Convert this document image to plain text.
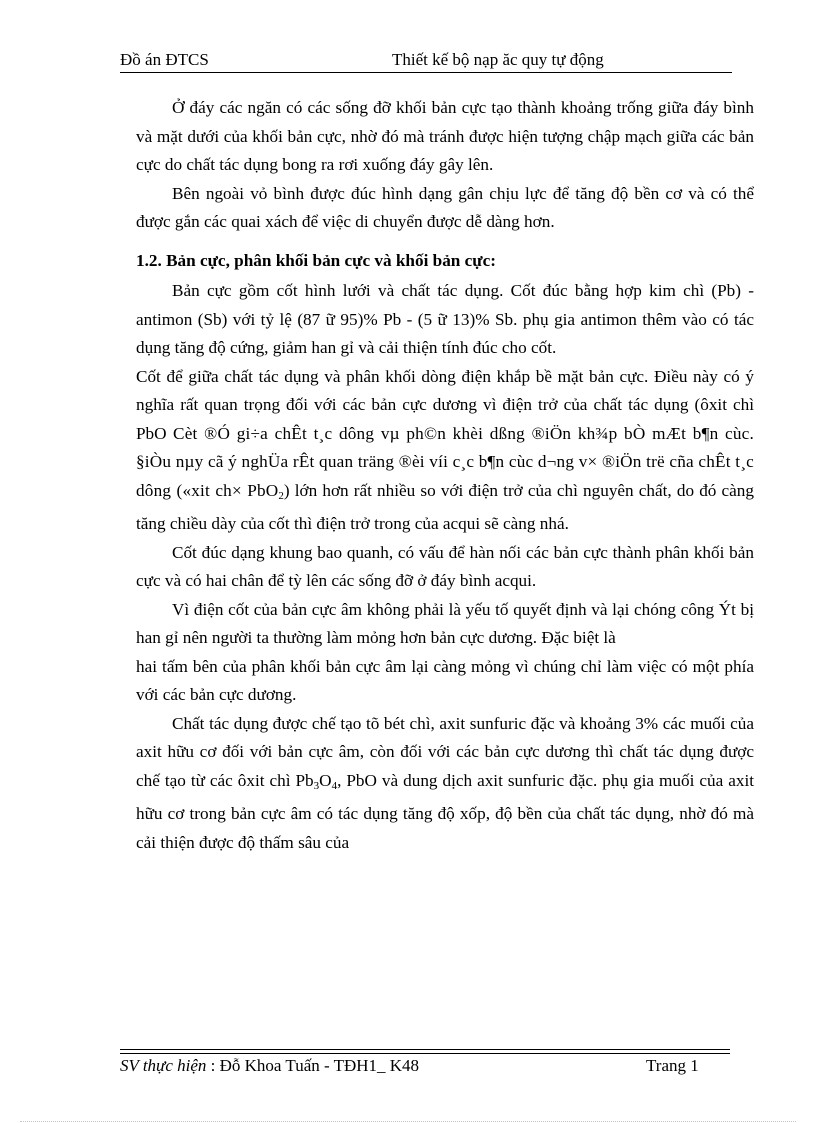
Đồ án ĐTCS	Thiết kế bộ nạp ăc quy tự động

Ở đáy các ngăn có các sống đỡ khối bản cực tạo thành khoảng trống giữa đáy bình và mặt dưới của khối bản cực, nhờ đó mà tránh được hiện tượng chập mạch giữa các bản cực do chất tác dụng bong ra rơi xuống đáy gây lên.

Bên ngoài vỏ bình được đúc hình dạng gân chịu lực để tăng độ bền cơ và có thể được gắn các quai xách để việc di chuyển được dễ dàng hơn.

1.2. Bản cực, phân khối bản cực và khối bản cực:

Bản cực gồm cốt hình lưới và chất tác dụng. Cốt đúc bằng hợp kim chì (Pb) - antimon (Sb) với tỷ lệ (87 ữ 95)% Pb - (5 ữ 13)% Sb. phụ gia antimon thêm vào có tác dụng tăng độ cứng, giảm han gỉ và cải thiện tính đúc cho cốt.

Cốt để giữa chất tác dụng và phân khối dòng điện khắp bề mặt bản cực. Điều này có ý nghĩa rất quan trọng đối với các bản cực dương vì điện trở của chất tác dụng (ôxit chì PbO Cèt ®Ó gi÷a chÊt t¸c dông vµ ph©n khèi dßng ®iÖn kh¾p bÒ mÆt b¶n cùc. §iÒu nµy cã ý nghÜa rÊt quan träng ®èi víi c¸c b¶n cùc d¬ng v× ®iÖn trë cña chÊt t¸c dông («xit ch× PbO$_2$) lớn hơn rất nhiều so với điện trở của chì nguyên chất, do đó càng tăng chiều dày của cốt thì điện trở trong của acqui sẽ càng nhá.

Cốt đúc dạng khung bao quanh, có vấu để hàn nối các bản cực thành phân khối bản cực và có hai chân để tỳ lên các sống đỡ ở đáy bình acqui.

Vì điện cốt của bản cực âm không phải là yếu tố quyết định và lại chóng công Ýt bị han gỉ nên người ta thường làm mỏng hơn bản cực dương. Đặc biệt là

hai tấm bên của phân khối bản cực âm lại càng mỏng vì chúng chỉ làm việc có một phía với các bản cực dương.

Chất tác dụng được chế tạo tõ bét chì, axit sunfuric đặc và khoảng 3% các muối của axit hữu cơ đối với bản cực âm, còn đối với các bản cực dương thì chất tác dụng được chế tạo từ các ôxit chì $Pb_3O_4$, PbO và dung dịch axit sunfuric đặc. phụ gia muối của axit hữu cơ trong bản cực âm có tác dụng tăng độ xốp, độ bền của chất tác dụng, nhờ đó mà cải thiện được độ thấm sâu của

SV thực hiện : Đỗ Khoa Tuấn - TĐH1_ K48	Trang 1
